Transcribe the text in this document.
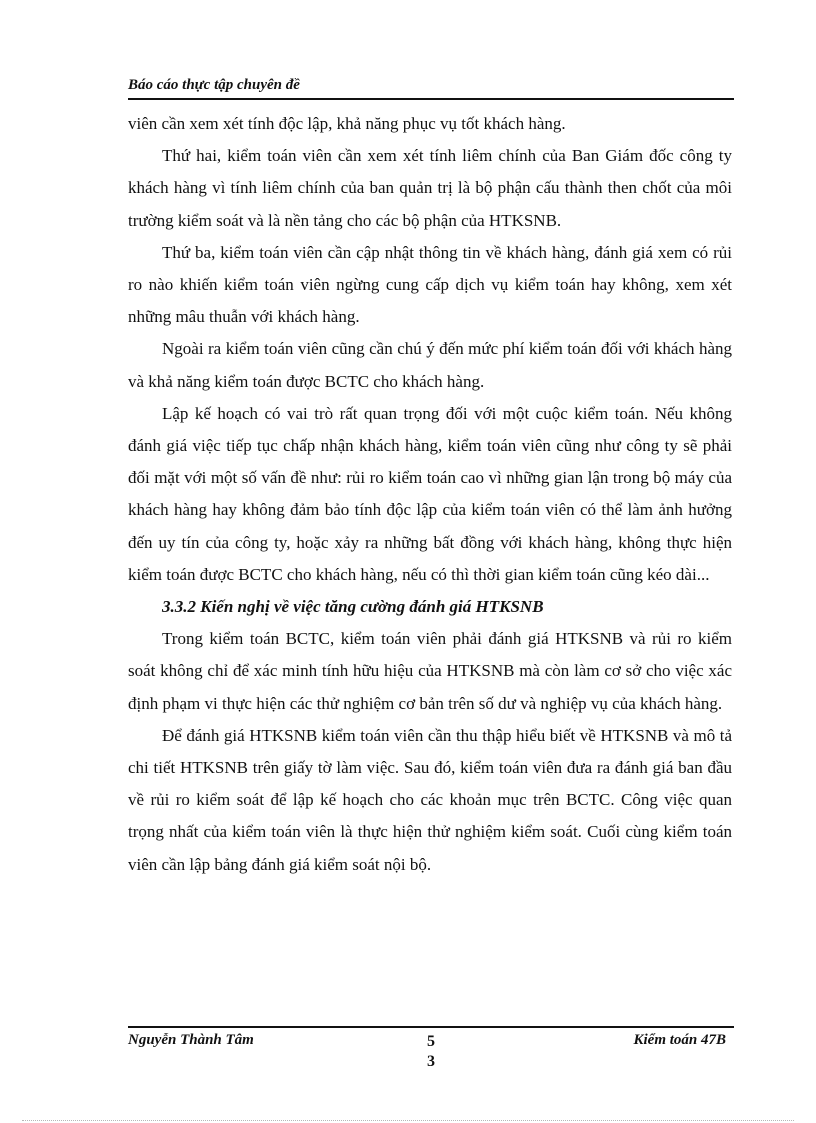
Báo cáo thực tập chuyên đề

viên cần xem xét tính độc lập, khả năng phục vụ tốt khách hàng.

Thứ hai, kiểm toán viên cần xem xét tính liêm chính của Ban Giám đốc công ty khách hàng vì tính liêm chính của ban quản trị là bộ phận cấu thành then chốt của môi trường kiểm soát và là nền tảng cho các bộ phận của HTKSNB.

Thứ ba, kiểm toán viên cần cập nhật thông tin về khách hàng, đánh giá xem có rủi ro nào khiến kiểm toán viên ngừng cung cấp dịch vụ kiểm toán hay không, xem xét những mâu thuẫn với khách hàng.

Ngoài ra kiểm toán viên cũng cần chú ý đến mức phí kiểm toán đối với khách hàng và khả năng kiểm toán được BCTC cho khách hàng.

Lập kế hoạch có vai trò rất quan trọng đối với một cuộc kiểm toán. Nếu không đánh giá việc tiếp tục chấp nhận khách hàng, kiểm toán viên cũng như công ty sẽ phải đối mặt với một số vấn đề như: rủi ro kiểm toán cao vì những gian lận trong bộ máy của khách hàng hay không đảm bảo tính độc lập của kiểm toán viên có thể làm ảnh hưởng đến uy tín của công ty, hoặc xảy ra những bất đồng với khách hàng, không thực hiện kiểm toán được BCTC cho khách hàng, nếu có thì thời gian kiểm toán cũng kéo dài...

3.3.2 Kiến nghị về việc tăng cường đánh giá HTKSNB

Trong kiểm toán BCTC, kiểm toán viên phải đánh giá HTKSNB và rủi ro kiểm soát không chỉ để xác minh tính hữu hiệu của HTKSNB mà còn làm cơ sở cho việc xác định phạm vi thực hiện các thử nghiệm cơ bản trên số dư và nghiệp vụ của khách hàng.

Để đánh giá HTKSNB kiểm toán viên cần thu thập hiểu biết về HTKSNB và mô tả chi tiết HTKSNB trên giấy tờ làm việc. Sau đó, kiểm toán viên đưa ra đánh giá ban đầu về rủi ro kiểm soát để lập kế hoạch cho các khoản mục trên BCTC. Công việc quan trọng nhất của kiểm toán viên là thực hiện thử nghiệm kiểm soát. Cuối cùng kiểm toán viên cần lập bảng đánh giá kiểm soát nội bộ.

Nguyễn Thành Tâm	5
3
Kiểm toán 47B
